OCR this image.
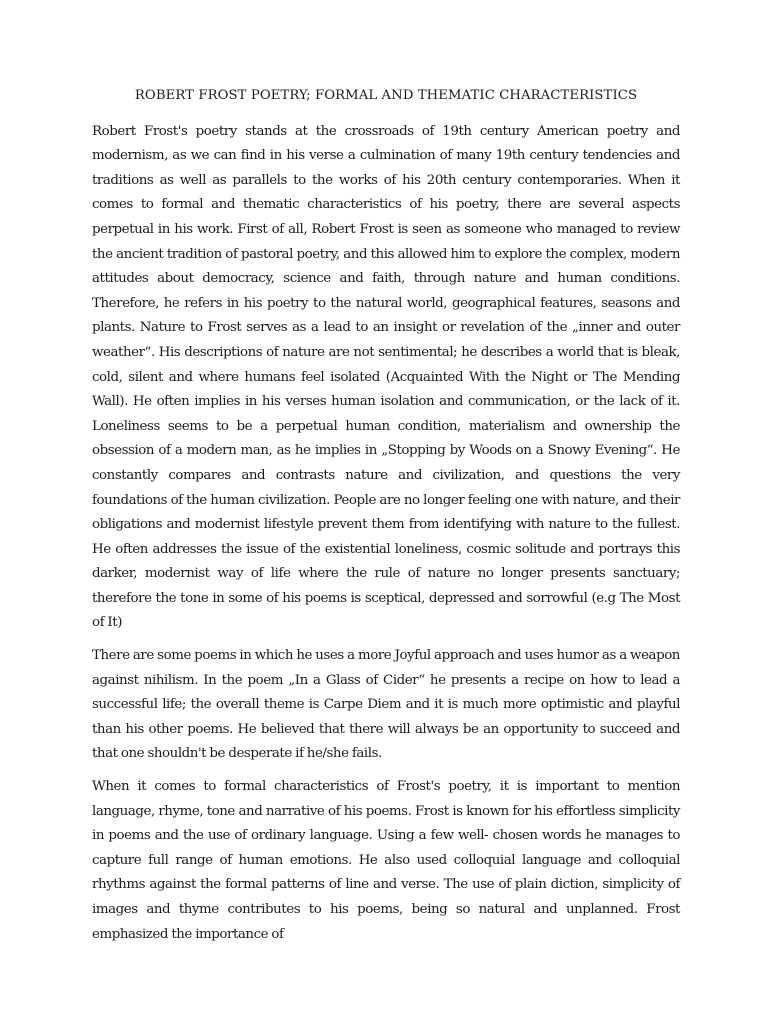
ROBERT FROST POETRY; FORMAL AND THEMATIC CHARACTERISTICS

Robert Frost's poetry stands at the crossroads of 19th century American poetry and modernism, as we can find in his verse a culmination of many 19th century tendencies and traditions as well as parallels to the works of his 20th century contemporaries. When it comes to formal and thematic characteristics of his poetry, there are several aspects perpetual in his work. First of all, Robert Frost is seen as someone who managed to review the ancient tradition of pastoral poetry, and this allowed him to explore the complex, modern attitudes about democracy, science and faith, through nature and human conditions. Therefore, he refers in his poetry to the natural world, geographical features, seasons and plants. Nature to Frost serves as a lead to an insight or revelation of the „inner and outer weather“. His descriptions of nature are not sentimental; he describes a world that is bleak, cold, silent and where humans feel isolated (Acquainted With the Night or The Mending Wall). He often implies in his verses human isolation and communication, or the lack of it. Loneliness seems to be a perpetual human condition, materialism and ownership the obsession of a modern man, as he implies in „Stopping by Woods on a Snowy Evening“. He constantly compares and contrasts nature and civilization, and questions the very foundations of the human civilization. People are no longer feeling one with nature, and their obligations and modernist lifestyle prevent them from identifying with nature to the fullest. He often addresses the issue of the existential loneliness, cosmic solitude and portrays this darker, modernist way of life where the rule of nature no longer presents sanctuary; therefore the tone in some of his poems is sceptical, depressed and sorrowful (e.g The Most of It)

There are some poems in which he uses a more Joyful approach and uses humor as a weapon against nihilism. In the poem „In a Glass of Cider“ he presents a recipe on how to lead a successful life; the overall theme is Carpe Diem and it is much more optimistic and playful than his other poems. He believed that there will always be an opportunity to succeed and that one shouldn't be desperate if he/she fails.

When it comes to formal characteristics of Frost's poetry, it is important to mention language, rhyme, tone and narrative of his poems. Frost is known for his effortless simplicity in poems and the use of ordinary language. Using a few well- chosen words he manages to capture full range of human emotions. He also used colloquial language and colloquial rhythms against the formal patterns of line and verse. The use of plain diction, simplicity of images and thyme contributes to his poems, being so natural and unplanned. Frost emphasized the importance of
